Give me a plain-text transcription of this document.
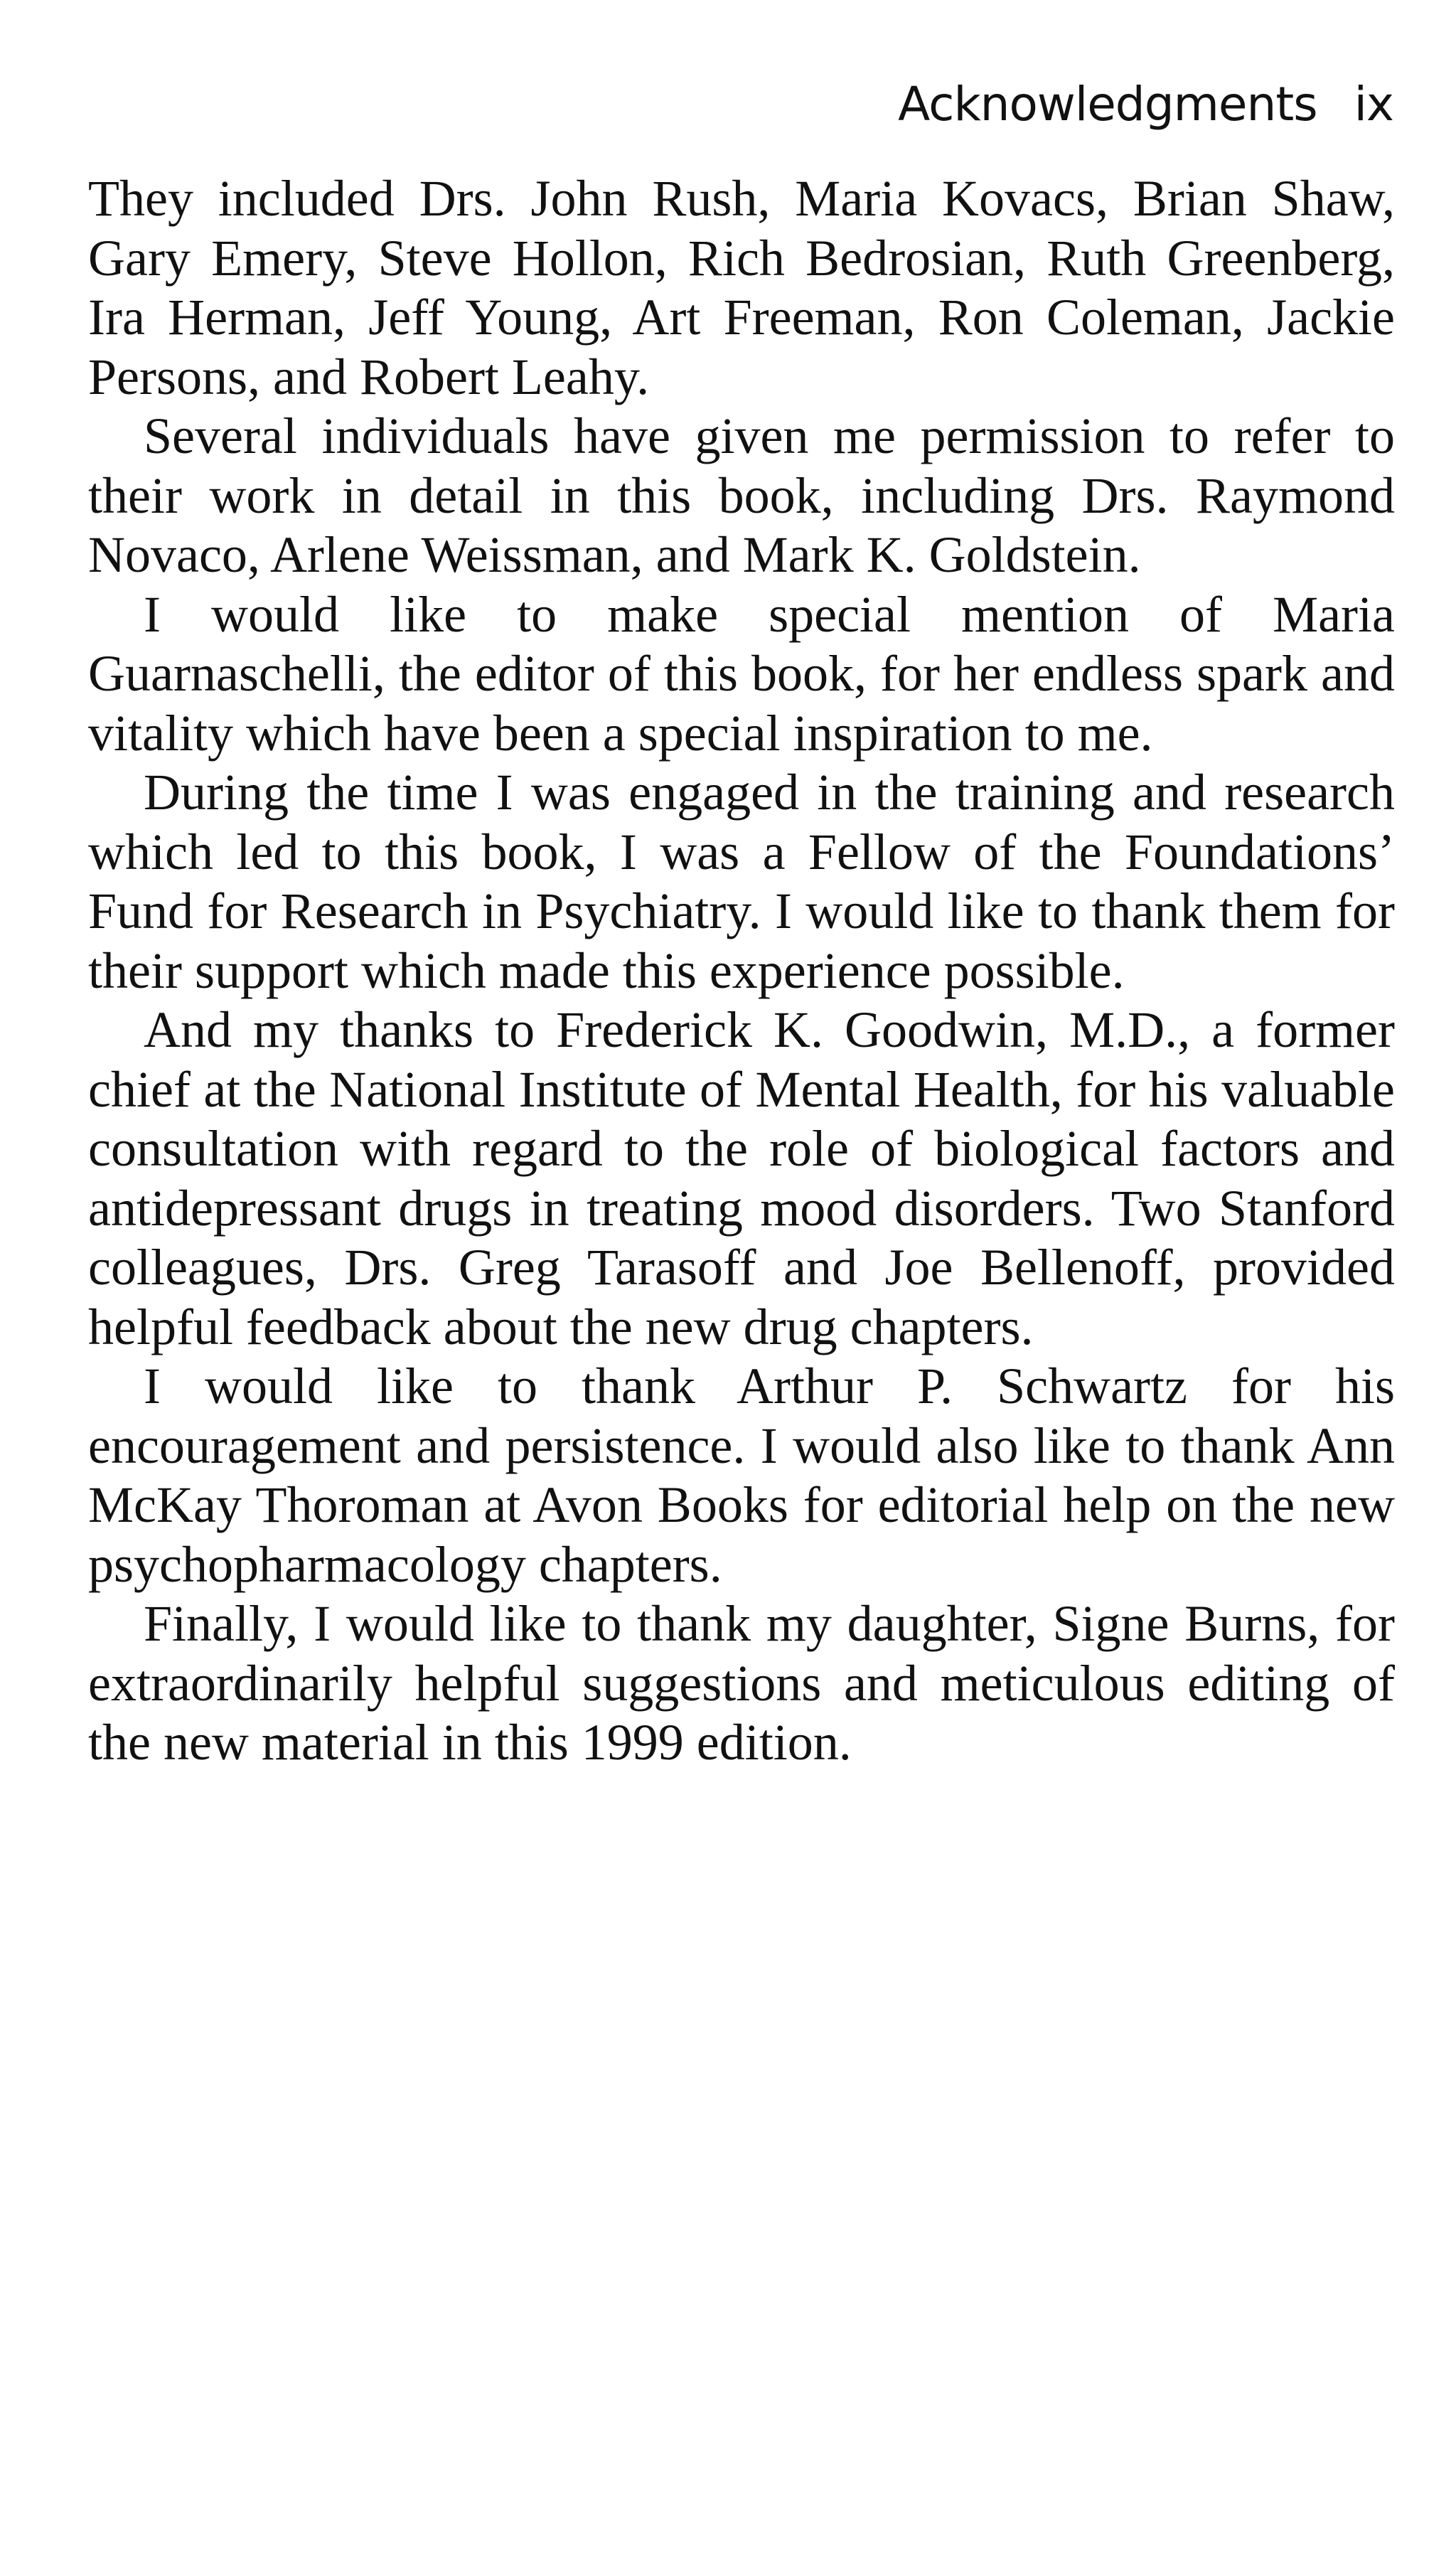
Acknowledgments ix

They included Drs. John Rush, Maria Kovacs, Brian Shaw, Gary Emery, Steve Hollon, Rich Bedrosian, Ruth Greenberg, Ira Herman, Jeff Young, Art Freeman, Ron Coleman, Jackie Persons, and Robert Leahy.

Several individuals have given me permission to refer to their work in detail in this book, including Drs. Raymond Novaco, Arlene Weissman, and Mark K. Goldstein.

I would like to make special mention of Maria Guarnaschelli, the editor of this book, for her endless spark and vitality which have been a special inspiration to me.

During the time I was engaged in the training and research which led to this book, I was a Fellow of the Foundations’ Fund for Research in Psychiatry. I would like to thank them for their support which made this experience possible.

And my thanks to Frederick K. Goodwin, M.D., a former chief at the National Institute of Mental Health, for his valuable consultation with regard to the role of biological factors and antidepressant drugs in treating mood disorders. Two Stanford colleagues, Drs. Greg Tarasoff and Joe Bellenoff, provided helpful feedback about the new drug chapters.

I would like to thank Arthur P. Schwartz for his encouragement and persistence. I would also like to thank Ann McKay Thoroman at Avon Books for editorial help on the new psychopharmacology chapters.

Finally, I would like to thank my daughter, Signe Burns, for extraordinarily helpful suggestions and meticulous editing of the new material in this 1999 edition.
